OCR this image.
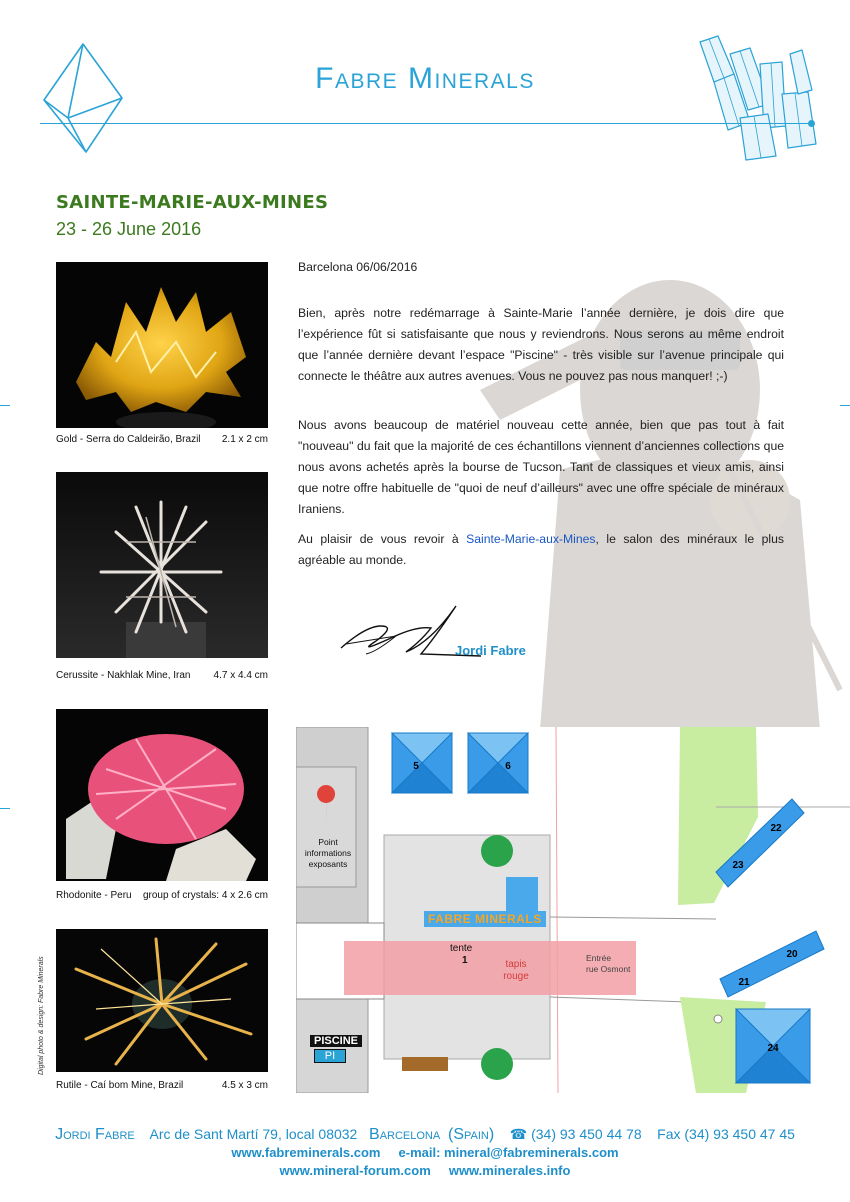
Fabre Minerals
SAINTE-MARIE-AUX-MINES
23 - 26 June 2016
Gold - Serra do Caldeirão, Brazil 2.1 x 2 cm
Cerussite - Nakhlak Mine, Iran 4.7 x 4.4 cm
Rhodonite - Peru group of crystals: 4 x 2.6 cm
Rutile - Caí bom Mine, Brazil	4.5 x 3 cm
Digital photo & design: Fabre Minerals
Barcelona 06/06/2016

Bien, après notre redémarrage à Sainte-Marie l’année dernière, je dois dire que l’expérience fût si satisfaisante que nous y reviendrons. Nous serons au même endroit que l’année dernière devant l’espace "Piscine" - très visible sur l’avenue principale qui connecte le théâtre aux autres avenues. Vous ne pouvez pas nous manquer! ;-)

Nous avons beaucoup de matériel nouveau cette année, bien que pas tout à fait "nouveau" du fait que la majorité de ces échantillons viennent d’anciennes collections que nous avons achetés après la bourse de Tucson. Tant de classiques et vieux amis, ainsi que notre offre habituelle de "quoi de neuf d’ailleurs" avec une offre spéciale de minéraux Iraniens.

Au plaisir de vous revoir à Sainte-Marie-aux-Mines, le salon des minéraux le plus agréable au monde.

Jordi Fabre
5	6
22
23
20
21
24
FABRE MINERALS
Point
informations
exposants
tente
1	tapis
rouge
Entrée
rue Osmont
PISCINE
PI
Jordi Fabre Arc de Sant Martí 79, local 08032 Barcelona (Spain) ☎ (34) 93 450 44 78 Fax (34) 93 450 47 45
www.fabreminerals.com e-mail: mineral@fabreminerals.com
www.mineral-forum.com www.minerales.info
